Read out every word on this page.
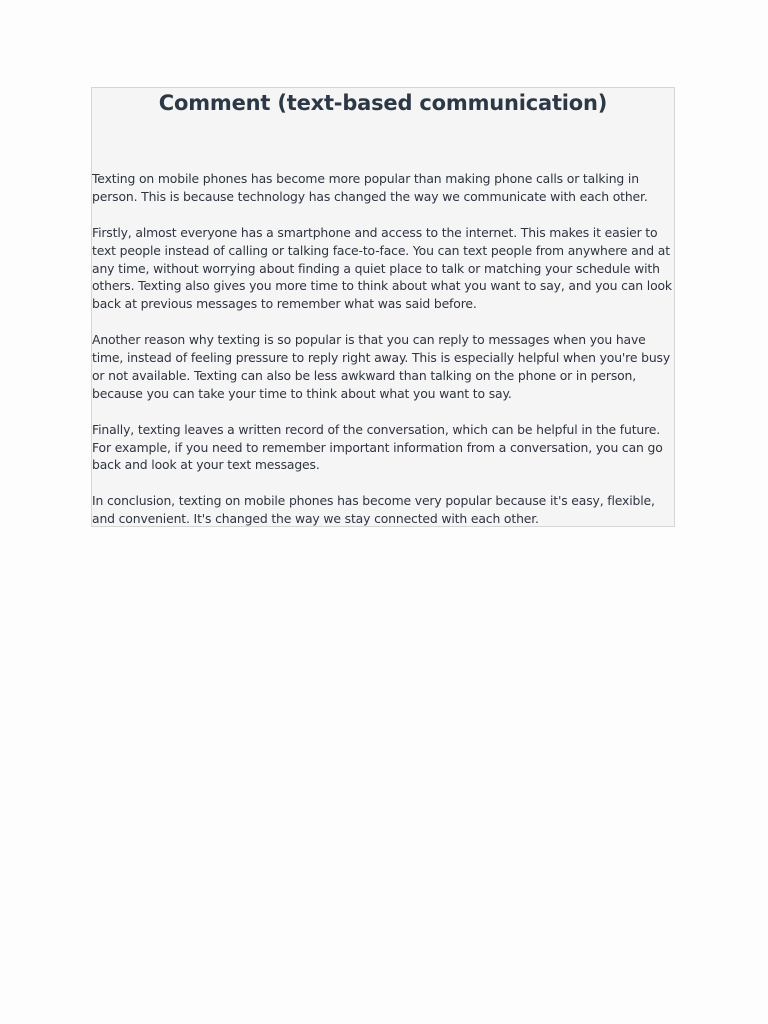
Comment (text-based communication)

Texting on mobile phones has become more popular than making phone calls or talking in person. This is because technology has changed the way we communicate with each other.

Firstly, almost everyone has a smartphone and access to the internet. This makes it easier to text people instead of calling or talking face-to-face. You can text people from anywhere and at any time, without worrying about finding a quiet place to talk or matching your schedule with others. Texting also gives you more time to think about what you want to say, and you can look back at previous messages to remember what was said before.

Another reason why texting is so popular is that you can reply to messages when you have time, instead of feeling pressure to reply right away. This is especially helpful when you're busy or not available. Texting can also be less awkward than talking on the phone or in person, because you can take your time to think about what you want to say.

Finally, texting leaves a written record of the conversation, which can be helpful in the future. For example, if you need to remember important information from a conversation, you can go back and look at your text messages.

In conclusion, texting on mobile phones has become very popular because it's easy, flexible, and convenient. It's changed the way we stay connected with each other.
